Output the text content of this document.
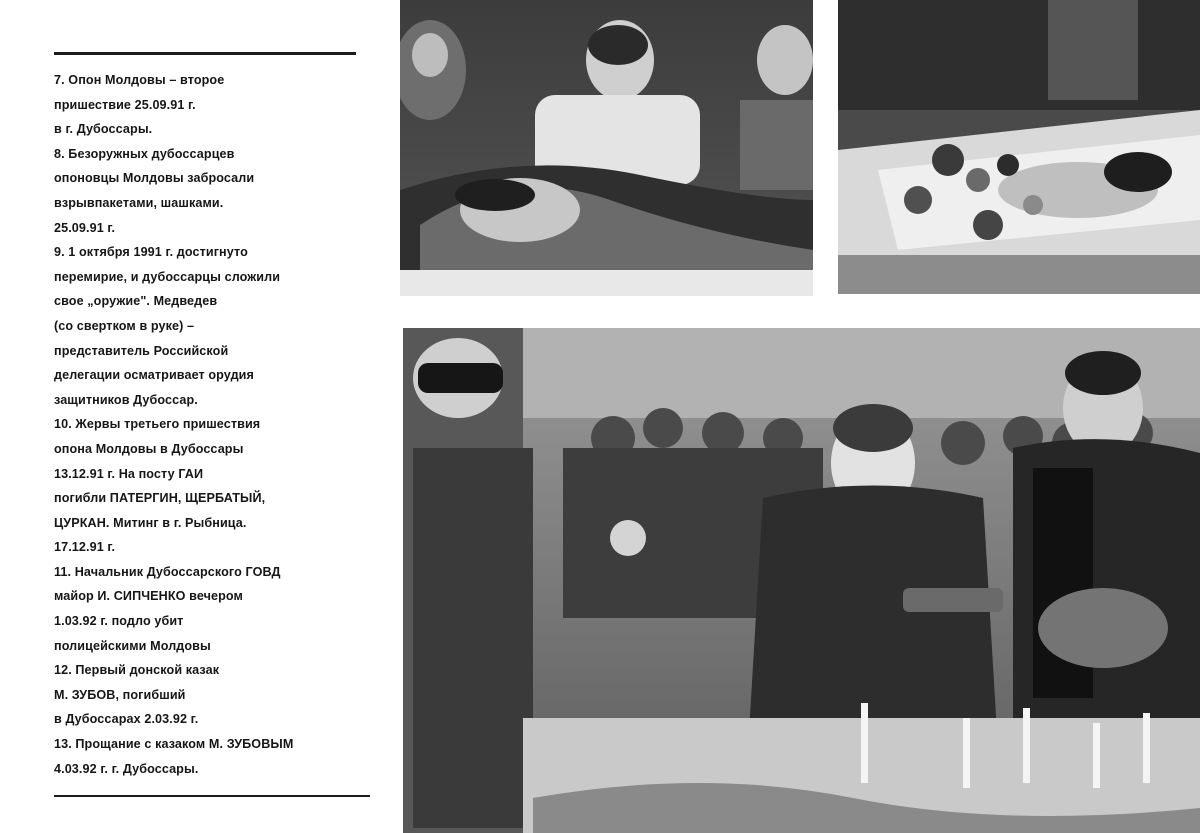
7. Опон Молдовы – второе
пришествие 25.09.91 г.
в г. Дубоссары.
8. Безоружных дубоссарцев
опоновцы Молдовы забросали
взрывпакетами, шашками.
25.09.91 г.
9. 1 октября 1991 г. достигнуто
перемирие, и дубоссарцы сложили
свое „оружие". Медведев
(со свертком в руке) –
представитель Российской
делегации осматривает орудия
защитников Дубоссар.
10. Жервы третьего пришествия
опона Молдовы в Дубоссары
13.12.91 г. На посту ГАИ
погибли ПАТЕРГИН, ЩЕРБАТЫЙ,
ЦУРКАН. Митинг в г. Рыбница.
17.12.91 г.
11. Начальник Дубоссарского ГОВД
майор И. СИПЧЕНКО вечером
1.03.92 г. подло убит
полицейскими Молдовы
12. Первый донской казак
М. ЗУБОВ, погибший
в Дубоссарах 2.03.92 г.
13. Прощание с казаком М. ЗУБОВЫМ
4.03.92 г. г. Дубоссары.
